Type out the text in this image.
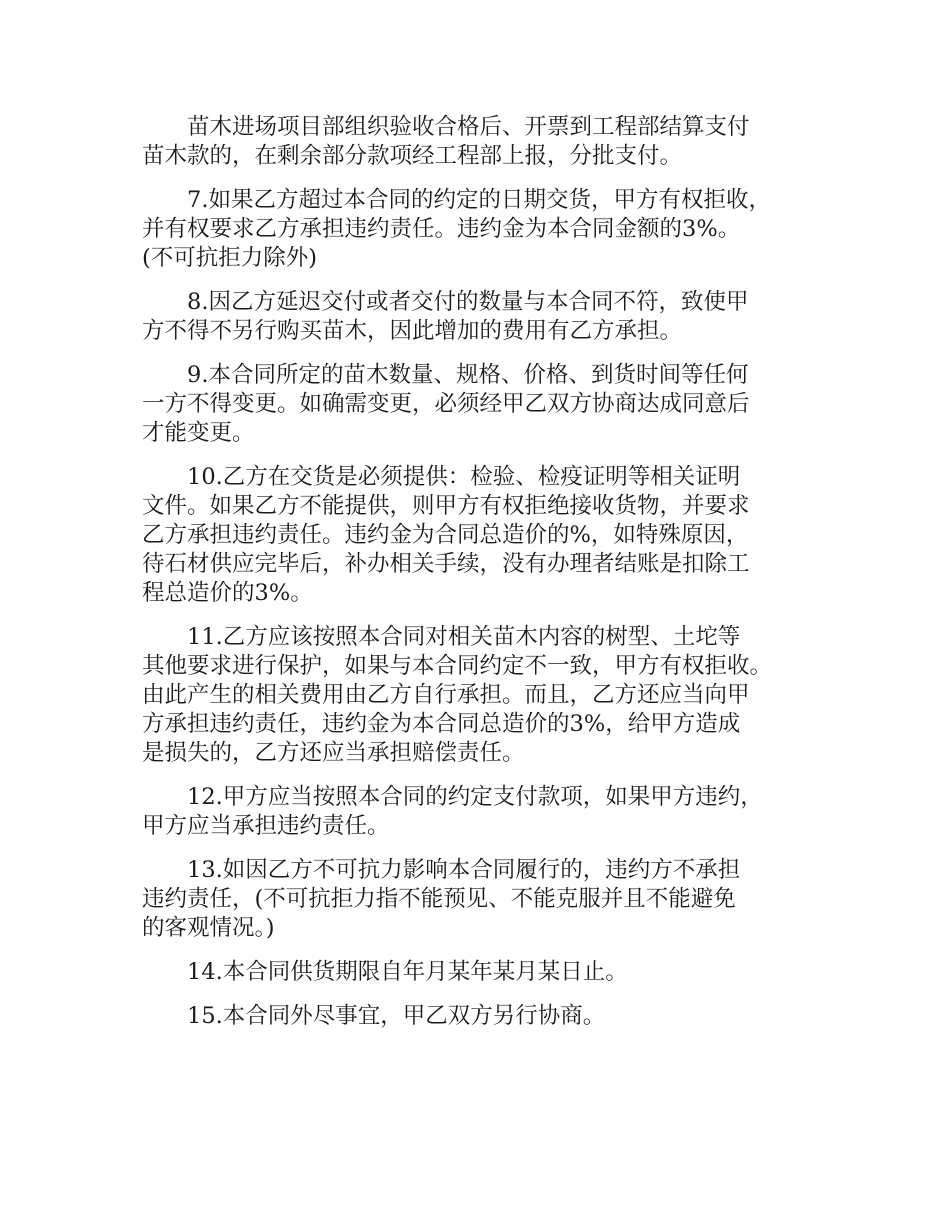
苗木进场项目部组织验收合格后、开票到工程部结算支付
苗木款的，在剩余部分款项经工程部上报，分批支付。

7.如果乙方超过本合同的约定的日期交货，甲方有权拒收，
并有权要求乙方承担违约责任。违约金为本合同金额的3%。
(不可抗拒力除外)

8.因乙方延迟交付或者交付的数量与本合同不符，致使甲
方不得不另行购买苗木，因此增加的费用有乙方承担。

9.本合同所定的苗木数量、规格、价格、到货时间等任何
一方不得变更。如确需变更，必须经甲乙双方协商达成同意后
才能变更。

10.乙方在交货是必须提供：检验、检疫证明等相关证明
文件。如果乙方不能提供，则甲方有权拒绝接收货物，并要求
乙方承担违约责任。违约金为合同总造价的%，如特殊原因，
待石材供应完毕后，补办相关手续，没有办理者结账是扣除工
程总造价的3%。

11.乙方应该按照本合同对相关苗木内容的树型、土坨等
其他要求进行保护，如果与本合同约定不一致，甲方有权拒收。
由此产生的相关费用由乙方自行承担。而且，乙方还应当向甲
方承担违约责任，违约金为本合同总造价的3%，给甲方造成
是损失的，乙方还应当承担赔偿责任。

12.甲方应当按照本合同的约定支付款项，如果甲方违约，
甲方应当承担违约责任。

13.如因乙方不可抗力影响本合同履行的，违约方不承担
违约责任，(不可抗拒力指不能预见、不能克服并且不能避免
的客观情况。)

14.本合同供货期限自年月某年某月某日止。

15.本合同外尽事宜，甲乙双方另行协商。
